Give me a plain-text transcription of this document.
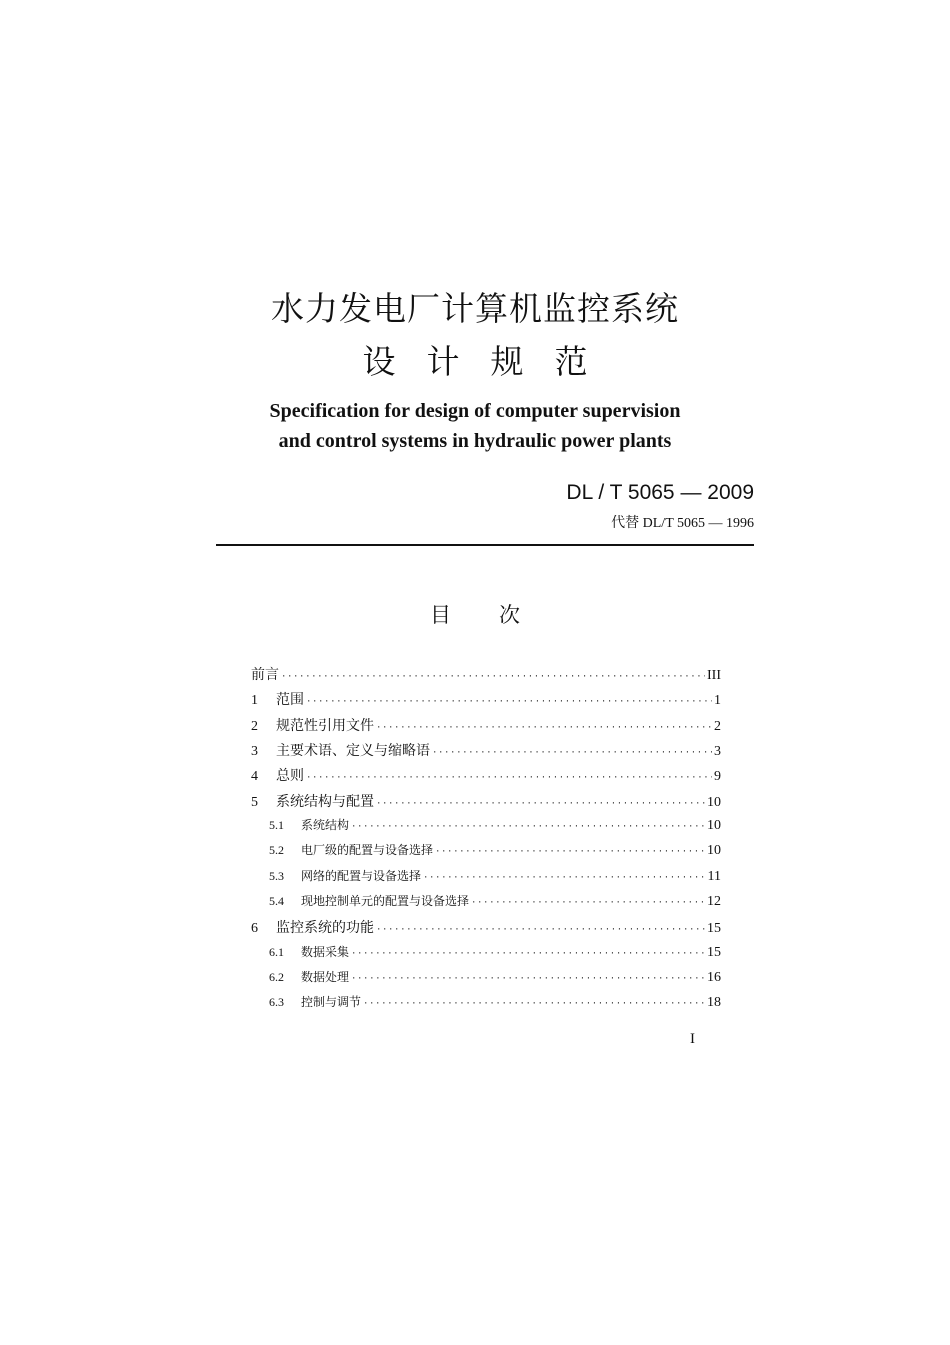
水力发电厂计算机监控系统
设计规范
Specification for design of computer supervision
and control systems in hydraulic power plants
DL / T 5065 — 2009
代替 DL/T 5065 — 1996
目次
前言 ·····	III
1	范围 ·····	1
2	规范性引用文件 ·····	2
3	主要术语、定义与缩略语 ·····	3
4	总则 ·····	9
5	系统结构与配置 ·····	10
5.1	系统结构 ·····	10
5.2	电厂级的配置与设备选择 ·····	10
5.3	网络的配置与设备选择 ·····	11
5.4	现地控制单元的配置与设备选择 ·····	12
6	监控系统的功能 ·····	15
6.1	数据采集 ·····	15
6.2	数据处理 ·····	16
6.3	控制与调节 ·····	18
I
